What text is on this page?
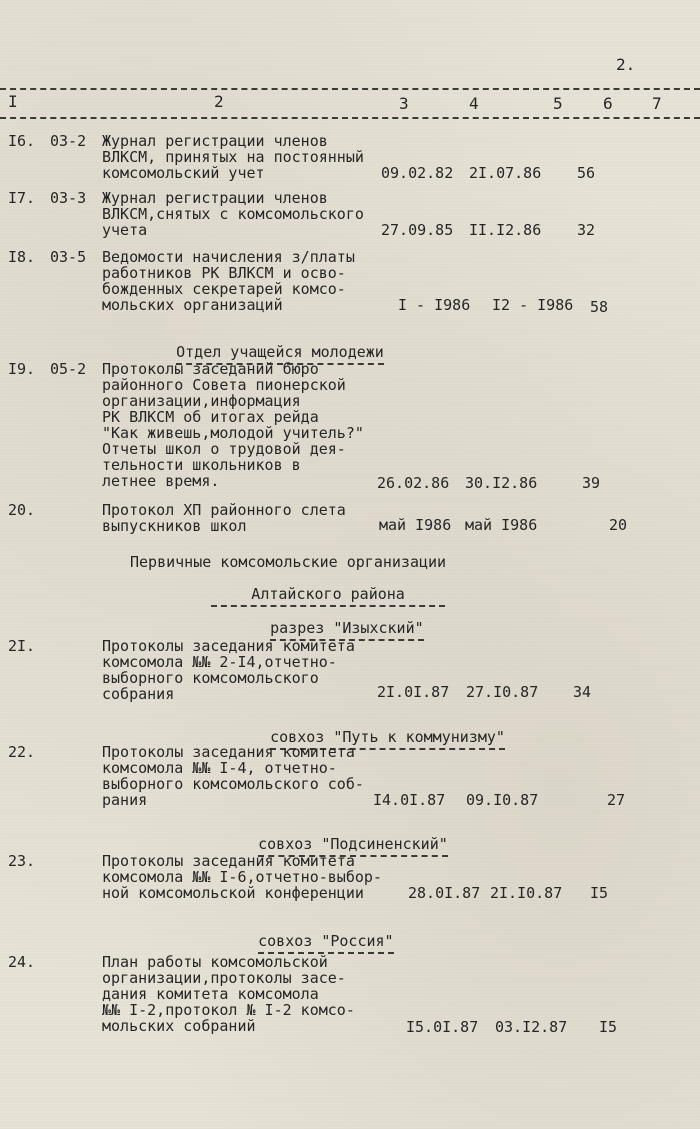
2.
I	2	3	4	5	6 7
I6. 03-2 Журнал регистрации членов
ВЛКСМ, принятых на постоянный
комсомольский учет	09.02.82 2I.07.86 56
I7. 03-3 Журнал регистрации членов
ВЛКСМ,снятых с комсомольского
учета	27.09.85 II.I2.86 32
I8. 03-5 Ведомости начисления з/платы
работников РК ВЛКСМ и осво-
божденных секретарей комсо-
мольских организаций	I - I986 I2 - I986 58

Отдел учащейся молодежи

I9. 05-2 Протоколы заседаний бюро
районного Совета пионерской
организации,информация
РК ВЛКСМ об итогах рейда
"Как живешь,молодой учитель?"
Отчеты школ о трудовой дея-
тельности школьников в
летнее время.	26.02.86 30.I2.86	39
20.	Протокол ХП районного слета
выпускников школ	май I986 май I986	20
Первичные комсомольские организации

Алтайского района

разрез "Изыхский"

2I.	Протоколы заседания комитета
комсомола №№ 2-I4,отчетно-
выборного комсомольского
собрания	2I.0I.87 27.I0.87 34

совхоз "Путь к коммунизму"

22.	Протоколы заседания комитета
комсомола №№ I-4, отчетно-
выборного комсомольского соб-
рания	I4.0I.87 09.I0.87	27

совхоз "Подсиненский"

23.	Протоколы заседания комитета
комсомола №№ I-6,отчетно-выбор-
ной комсомольской конференции	28.0I.87 2I.I0.87 I5

совхоз "Россия"

24.	План работы комсомольской
организации,протоколы засе-
дания комитета комсомола
№№ I-2,протокол № I-2 комсо-
мольских собраний	I5.0I.87 03.I2.87 I5
